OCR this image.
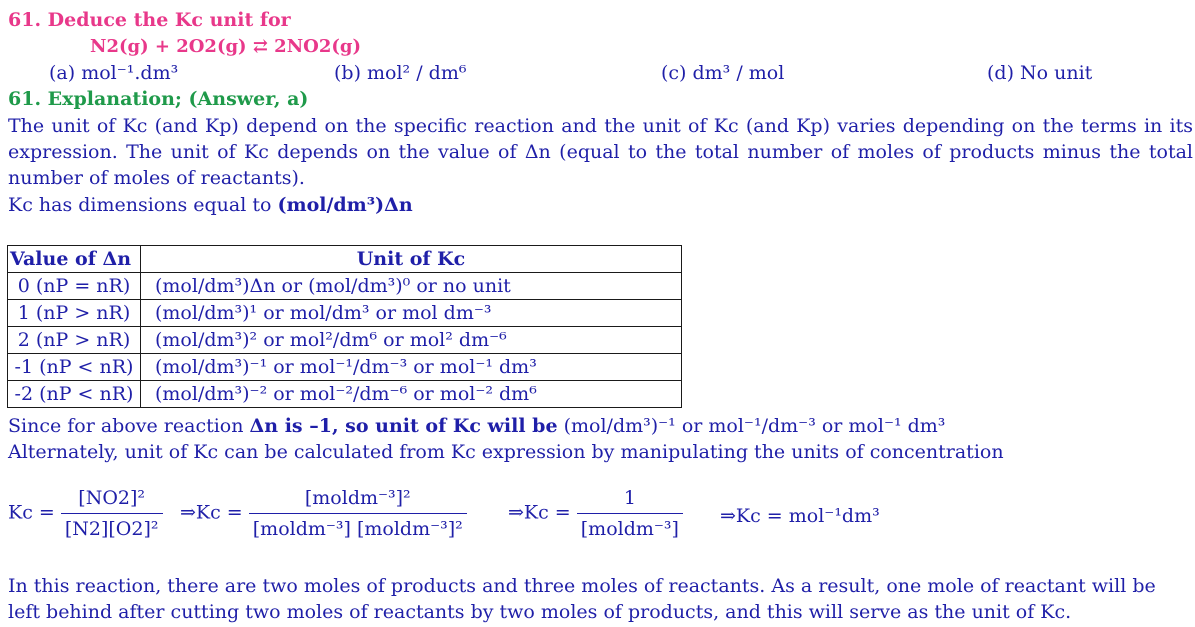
61. Deduce the Kc unit for
N2(g) + 2O2(g) ⇄ 2NO2(g)
(a) mol⁻¹.dm³	(b) mol² / dm⁶	(c) dm³ / mol	(d) No unit
61. Explanation; (Answer, a)

The unit of Kc (and Kp) depend on the specific reaction and the unit of Kc (and Kp) varies depending on the terms in its expression. The unit of Kc depends on the value of Δn (equal to the total number of moles of products minus the total number of moles of reactants).

Kc has dimensions equal to (mol/dm³)Δn
Value of Δn	Unit of Kc
0 (nP = nR)	(mol/dm³)Δn or (mol/dm³)⁰ or no unit
1 (nP > nR)	(mol/dm³)¹ or mol/dm³ or mol dm⁻³
2 (nP > nR)	(mol/dm³)² or mol²/dm⁶ or mol² dm⁻⁶
-1 (nP < nR)	(mol/dm³)⁻¹ or mol⁻¹/dm⁻³ or mol⁻¹ dm³
-2 (nP < nR)	(mol/dm³)⁻² or mol⁻²/dm⁻⁶ or mol⁻² dm⁶
Since for above reaction Δn is –1, so unit of Kc will be (mol/dm³)⁻¹ or mol⁻¹/dm⁻³ or mol⁻¹ dm³
Alternately, unit of Kc can be calculated from Kc expression by manipulating the units of concentration
$Kc = \frac{\text{[NO2]²}}{\text{[N2][O2]²}}$ ⇒Kc = $\frac{\text{[moldm⁻³]²}}{\text{[moldm⁻³] [moldm⁻³]²}}$ ⇒Kc = $\frac{1}{\text{[moldm⁻³]}}$ ⇒Kc = mol⁻¹dm³

In this reaction, there are two moles of products and three moles of reactants. As a result, one mole of reactant will be left behind after cutting two moles of reactants by two moles of products, and this will serve as the unit of Kc.
